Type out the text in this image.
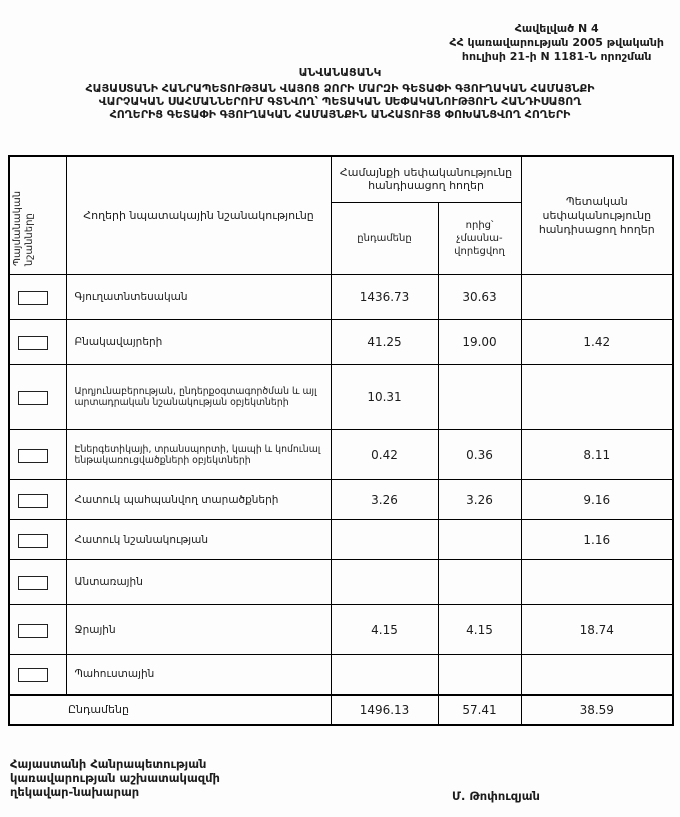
Հավելված N 4
ՀՀ կառավարության 2005 թվականի
հուլիսի 21-ի N 1181-Ն որոշման
ԱՆՎԱՆԱՑԱՆԿ
ՀԱՅԱՍՏԱՆԻ ՀԱՆՐԱՊԵՏՈՒԹՅԱՆ ՎԱՅՈՑ ՁՈՐԻ ՄԱՐԶԻ ԳԵՏԱՓԻ ԳՅՈՒՂԱԿԱՆ ՀԱՄԱՅՆՔԻ
ՎԱՐՉԱԿԱՆ ՍԱՀՄԱՆՆԵՐՈՒՄ ԳՏՆՎՈՂ՝ ՊԵՏԱԿԱՆ ՍԵՓԱԿԱՆՈՒԹՅՈՒՆ ՀԱՆԴԻՍԱՑՈՂ
ՀՈՂԵՐԻՑ ԳԵՏԱՓԻ ԳՅՈՒՂԱԿԱՆ ՀԱՄԱՅՆՔԻՆ ԱՆՀԱՏՈՒՅՑ ՓՈԽԱՆՑՎՈՂ ՀՈՂԵՐԻ
Պայմանական նշանները	Հողերի նպատակային նշանակությունը	Համայնքի սեփականությունը հանդիսացող հողեր		Պետական սեփականությունը հանդիսացող հողեր
		ընդամենը	որից՝ չմասնա- վորեցվող	
	Գյուղատնտեսական	1436.73	30.63	
	Բնակավայրերի	41.25	19.00	1.42
	Արդյունաբերության, ընդերքօգտագործման և այլ արտադրական նշանակության օբյեկտների	10.31		
	Էներգետիկայի, տրանսպորտի, կապի և կոմունալ ենթակառուցվածքների օբյեկտների	0.42	0.36	8.11
	Հատուկ պահպանվող տարածքների	3.26	3.26	9.16
	Հատուկ նշանակության			1.16
	Անտառային			
	Ջրային	4.15	4.15	18.74
	Պահուստային			
Ընդամենը		1496.13	57.41	38.59
Հայաստանի Հանրապետության
կառավարության աշխատակազմի
ղեկավար-նախարար	Մ. Թոփուզյան
